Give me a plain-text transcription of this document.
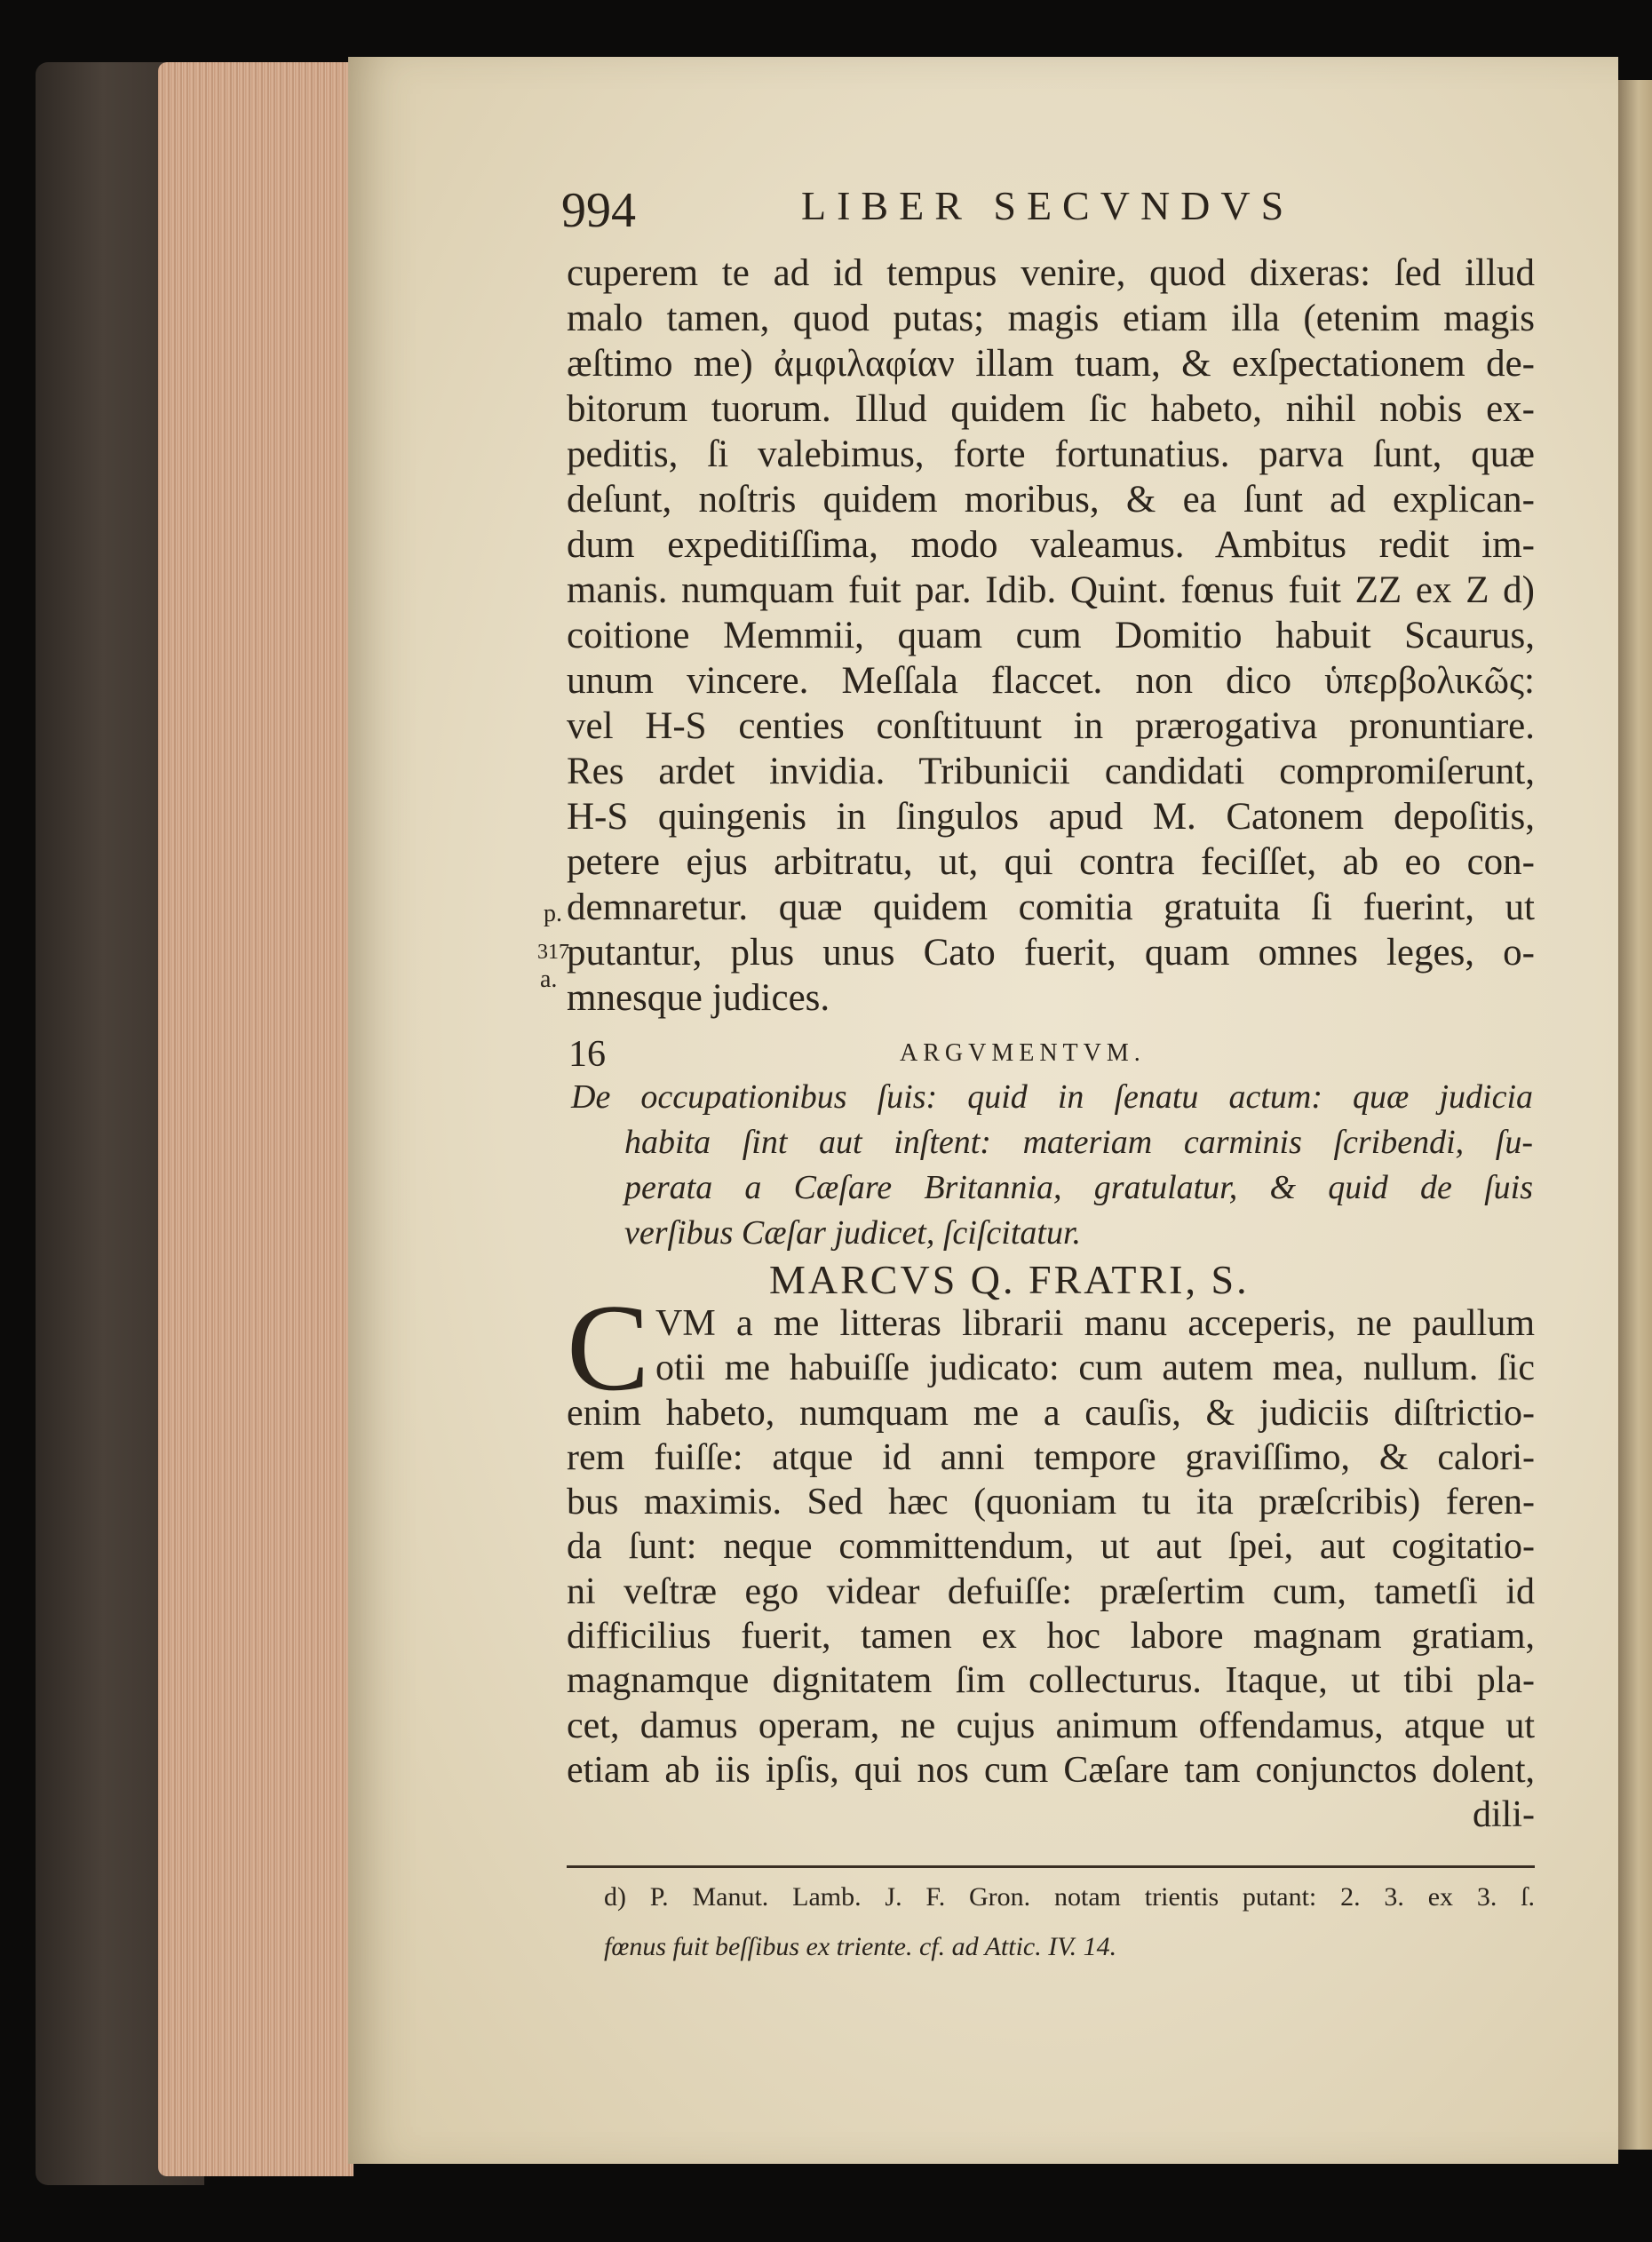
994	LIBER SECVNDVS
cuperem te ad id tempus venire, quod dixeras: ſed illud
malo tamen, quod putas; magis etiam illa (etenim magis
æſtimo me) ἀμφιλαφίαν illam tuam, & exſpectationem de-
bitorum tuorum. Illud quidem ſic habeto, nihil nobis ex-
peditis, ſi valebimus, forte fortunatius. parva ſunt, quæ
deſunt, noſtris quidem moribus, & ea ſunt ad explican-
dum expeditiſſima, modo valeamus. Ambitus redit im-
manis. numquam fuit par. Idib. Quint. fœnus fuit ZZ ex Z d)
coitione Memmii, quam cum Domitio habuit Scaurus,
unum vincere. Meſſala flaccet. non dico ὑπερβολικῶς:
vel H-S centies conſtituunt in prærogativa pronuntiare.
Res ardet invidia. Tribunicii candidati compromiſerunt,
H-S quingenis in ſingulos apud M. Catonem depoſitis,
petere ejus arbitratu, ut, qui contra feciſſet, ab eo con-
demnaretur. quæ quidem comitia gratuita ſi fuerint, ut
putantur, plus unus Cato fuerit, quam omnes leges, o-
mnesque judices.
p.
317
a.
16	ARGVMENTVM.
De occupationibus ſuis: quid in ſenatu actum: quæ judicia
habita ſint aut inſtent: materiam carminis ſcribendi, ſu-
perata a Cæſare Britannia, gratulatur, & quid de ſuis
verſibus Cæſar judicet, ſciſcitatur.
MARCVS Q. FRATRI, S.
C VM a me litteras librarii manu acceperis, ne paullum
otii me habuiſſe judicato: cum autem mea, nullum. ſic
enim habeto, numquam me a cauſis, & judiciis diſtrictio-
rem fuiſſe: atque id anni tempore graviſſimo, & calori-
bus maximis. Sed hæc (quoniam tu ita præſcribis) feren-
da ſunt: neque committendum, ut aut ſpei, aut cogitatio-
ni veſtræ ego videar defuiſſe: præſertim cum, tametſi id
difficilius fuerit, tamen ex hoc labore magnam gratiam,
magnamque dignitatem ſim collecturus. Itaque, ut tibi pla-
cet, damus operam, ne cujus animum offendamus, atque ut
etiam ab iis ipſis, qui nos cum Cæſare tam conjunctos dolent,
dili-
d) P. Manut. Lamb. J. F. Gron. notam trientis putant: 2. 3. ex 3. ſ.
fœnus fuit beſſibus ex triente. cf. ad Attic. IV. 14.
